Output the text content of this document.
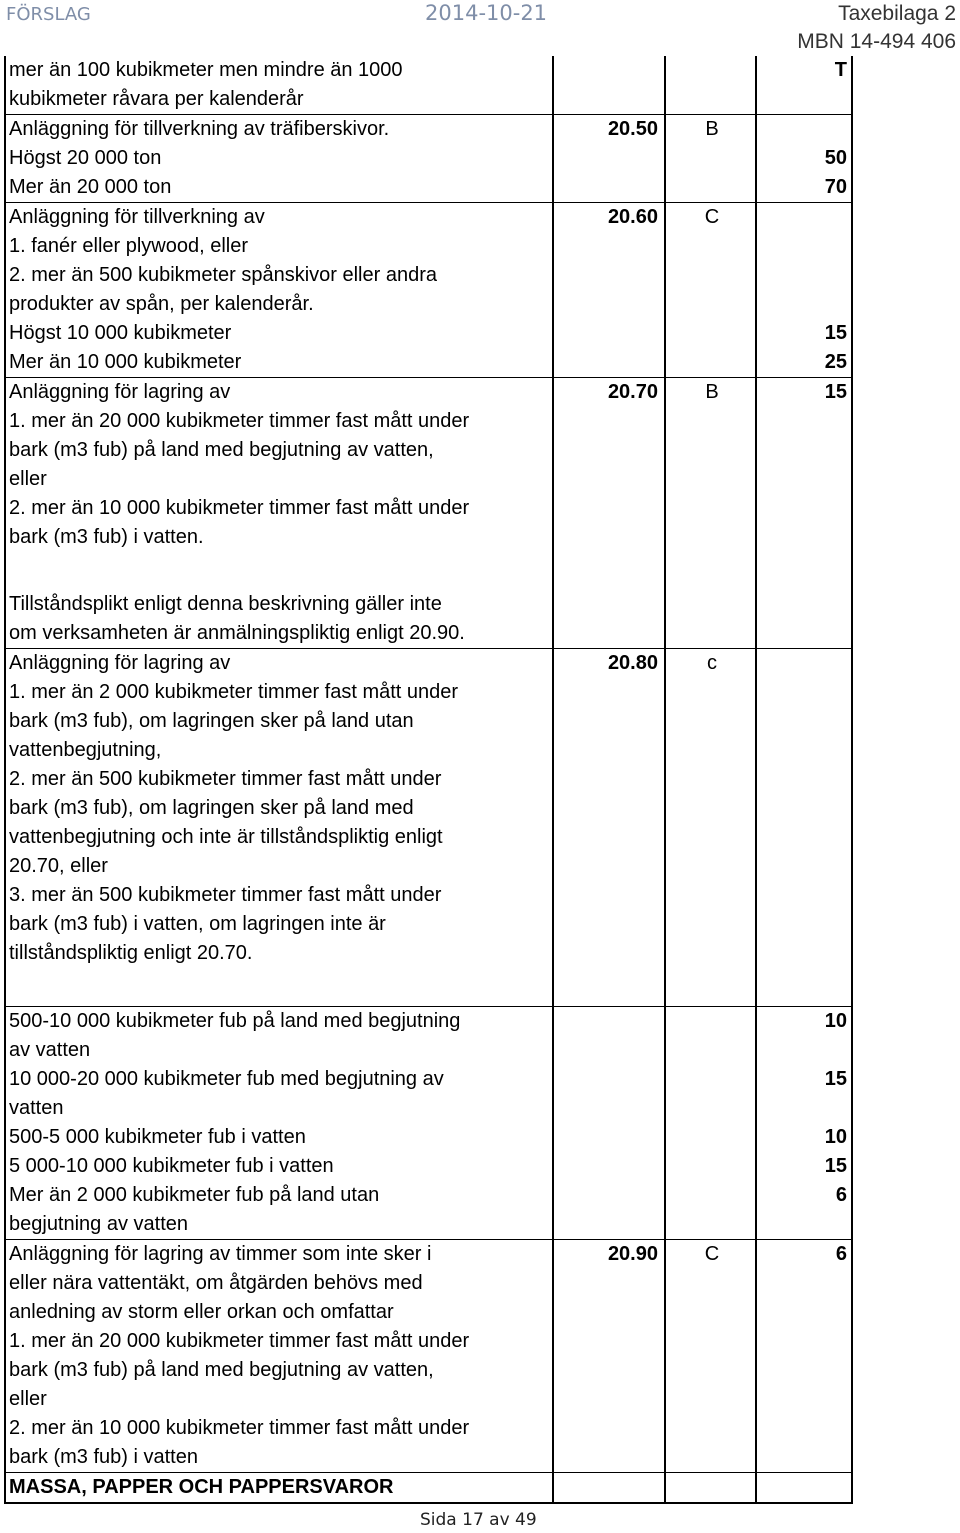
FÖRSLAG	2014-10-21	Taxebilaga 2
MBN 14-494 406
mer än 100 kubikmeter men mindre än 1000			T
kubikmeter råvara per kalenderår			
Anläggning för tillverkning av träfiberskivor.	20.50	B	
Högst 20 000 ton			50
Mer än 20 000 ton			70
Anläggning för tillverkning av	20.60	C	
1. fanér eller plywood, eller			
2. mer än 500 kubikmeter spånskivor eller andra			
produkter av spån, per kalenderår.			
Högst 10 000 kubikmeter			15
Mer än 10 000 kubikmeter			25
Anläggning för lagring av	20.70	B	15
1. mer än 20 000 kubikmeter timmer fast mått under			
bark (m3 fub) på land med begjutning av vatten,			
eller			
2. mer än 10 000 kubikmeter timmer fast mått under			
bark (m3 fub) i vatten.			

Tillståndsplikt enligt denna beskrivning gäller inte			
om verksamheten är anmälningspliktig enligt 20.90.			
Anläggning för lagring av	20.80	c	
1. mer än 2 000 kubikmeter timmer fast mått under			
bark (m3 fub), om lagringen sker på land utan			
vattenbegjutning,			
2. mer än 500 kubikmeter timmer fast mått under			
bark (m3 fub), om lagringen sker på land med			
vattenbegjutning och inte är tillståndspliktig enligt			
20.70, eller			
3. mer än 500 kubikmeter timmer fast mått under			
bark (m3 fub) i vatten, om lagringen inte är			
tillståndspliktig enligt 20.70.			

500-10 000 kubikmeter fub på land med begjutning			10
av vatten			
10 000-20 000 kubikmeter fub med begjutning av			15
vatten			
500-5 000 kubikmeter fub i vatten			10
5 000-10 000 kubikmeter fub i vatten			15
Mer än 2 000 kubikmeter fub på land utan			6
begjutning av vatten			
Anläggning för lagring av timmer som inte sker i	20.90	C	6
eller nära vattentäkt, om åtgärden behövs med			
anledning av storm eller orkan och omfattar			
1. mer än 20 000 kubikmeter timmer fast mått under			
bark (m3 fub) på land med begjutning av vatten,			
eller			
2. mer än 10 000 kubikmeter timmer fast mått under			
bark (m3 fub) i vatten			
MASSA, PAPPER OCH PAPPERSVAROR			
Sida 17 av 49
